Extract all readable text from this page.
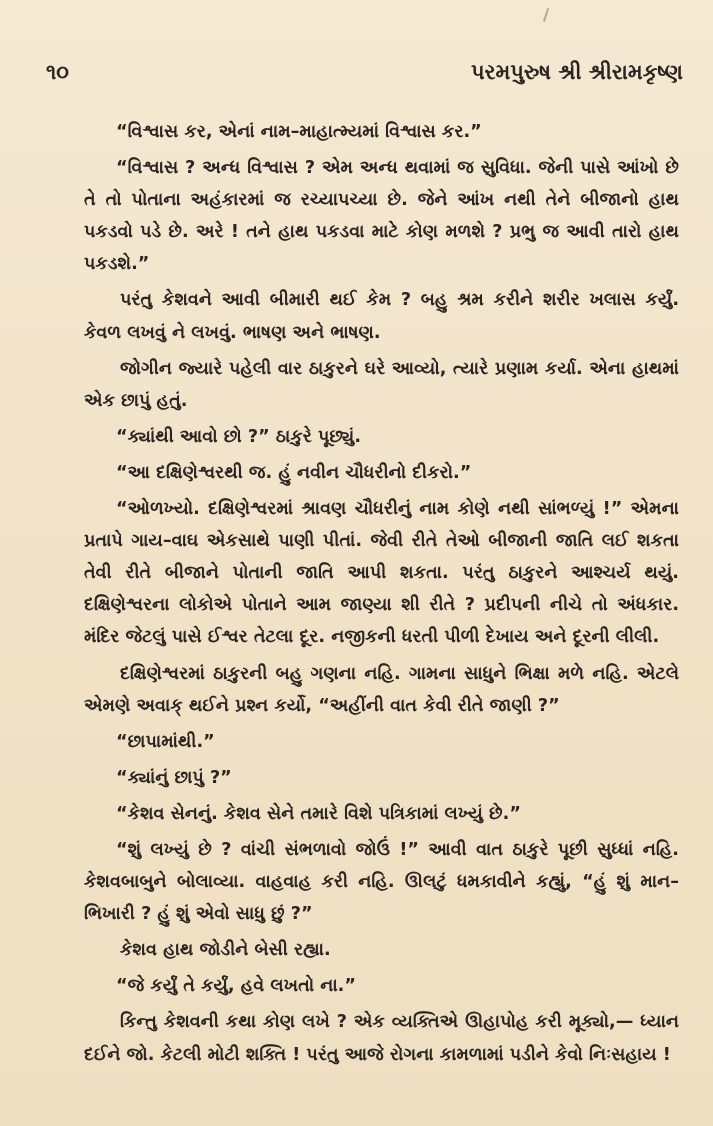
૧૦	પરમપુરુષ શ્રી શ્રીરામકૃષ્ણ

“વિશ્વાસ કર, એનાં નામ–માહાત્મ્યમાં વિશ્વાસ કર.”

“વિશ્વાસ ? અન્ધ વિશ્વાસ ? એમ અન્ધ થવામાં જ સુવિધા. જેની પાસે આંખો છે તે તો પોતાના અહંકારમાં જ રચ્યાપચ્યા છે. જેને આંખ નથી તેને બીજાનો હાથ પકડવો પડે છે. અરે ! તને હાથ પકડવા માટે કોણ મળશે ? પ્રભુ જ આવી તારો હાથ પકડશે.”

પરંતુ કેશવને આવી બીમારી થઈ કેમ ? બહુ શ્રમ કરીને શરીર ખલાસ કર્યું. કેવળ લખવું ને લખવું. ભાષણ અને ભાષણ.

જોગીન જ્યારે પહેલી વાર ઠાકુરને ઘરે આવ્યો, ત્યારે પ્રણામ કર્યા. એના હાથમાં એક છાપું હતું.

“ક્યાંથી આવો છો ?” ઠાકુરે પૂછ્યું.

“આ દક્ષિણેશ્વરથી જ. હું નવીન ચૌધરીનો દીકરો.”

“ઓળખ્યો. દક્ષિણેશ્વરમાં શ્રાવણ ચૌધરીનું નામ કોણે નથી સાંભળ્યું !” એમના પ્રતાપે ગાય–વાઘ એકસાથે પાણી પીતાં. જેવી રીતે તેઓ બીજાની જાતિ લઈ શકતા તેવી રીતે બીજાને પોતાની જાતિ આપી શકતા. પરંતુ ઠાકુરને આશ્ચર્ય થયું. દક્ષિણેશ્વરના લોકોએ પોતાને આમ જાણ્યા શી રીતે ? પ્રદીપની નીચે તો અંધકાર. મંદિર જેટલું પાસે ઈશ્વર તેટલા દૂર. નજીકની ધરતી પીળી દેખાય અને દૂરની લીલી.

દક્ષિણેશ્વરમાં ઠાકુરની બહુ ગણના નહિ. ગામના સાધુને ભિક્ષા મળે નહિ. એટલે એમણે અવાક્ થઈને પ્રશ્ન કર્યો, “અહીંની વાત કેવી રીતે જાણી ?”

“છાપામાંથી.”

“ક્યાંનું છાપું ?”

“કેશવ સેનનું. કેશવ સેને તમારે વિશે પત્રિકામાં લખ્યું છે.”

“શું લખ્યું છે ? વાંચી સંભળાવો જોઉં !” આવી વાત ઠાકુરે પૂછી સુધ્ધાં નહિ. કેશવબાબુને બોલાવ્યા. વાહવાહ કરી નહિ. ઊલટું ધમકાવીને કહ્યું, “હું શું માન–ભિખારી ? હું શું એવો સાધુ છું ?”

કેશવ હાથ જોડીને બેસી રહ્યા.

“જે કર્યું તે કર્યું, હવે લખતો ના.”

કિન્તુ કેશવની કથા કોણ લખે ? એક વ્યક્તિએ ઊહાપોહ કરી મૂક્યો,— ધ્યાન દઈને જો. કેટલી મોટી શક્તિ ! પરંતુ આજે રોગના કામળામાં પડીને કેવો નિઃસહાય !
